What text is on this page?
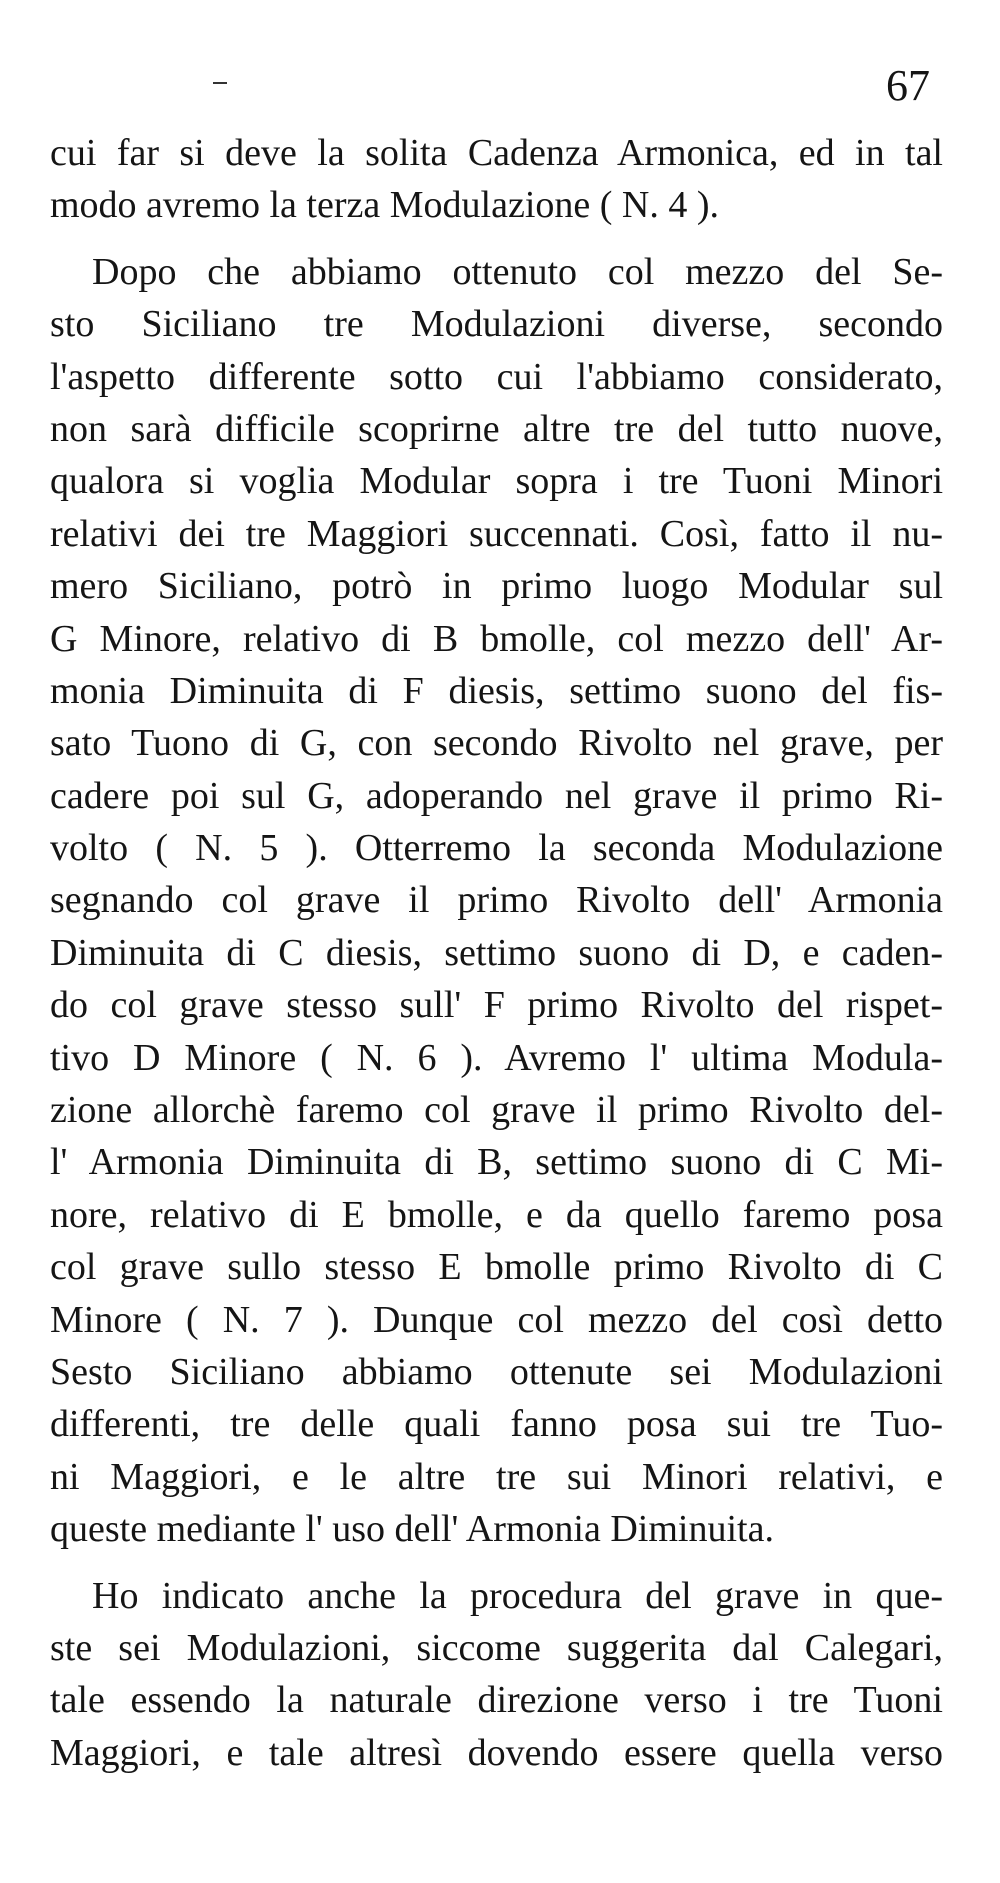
67
cui far si deve la solita Cadenza Armonica, ed in tal
modo avremo la terza Modulazione ( N. 4 ).
Dopo che abbiamo ottenuto col mezzo del Se-
sto Siciliano tre Modulazioni diverse, secondo
l'aspetto differente sotto cui l'abbiamo considerato,
non sarà difficile scoprirne altre tre del tutto nuove,
qualora si voglia Modular sopra i tre Tuoni Minori
relativi dei tre Maggiori succennati. Così, fatto il nu-
mero Siciliano, potrò in primo luogo Modular sul
G Minore, relativo di B bmolle, col mezzo dell' Ar-
monia Diminuita di F diesis, settimo suono del fis-
sato Tuono di G, con secondo Rivolto nel grave, per
cadere poi sul G, adoperando nel grave il primo Ri-
volto ( N. 5 ). Otterremo la seconda Modulazione
segnando col grave il primo Rivolto dell' Armonia
Diminuita di C diesis, settimo suono di D, e caden-
do col grave stesso sull' F primo Rivolto del rispet-
tivo D Minore ( N. 6 ). Avremo l' ultima Modula-
zione allorchè faremo col grave il primo Rivolto del-
l' Armonia Diminuita di B, settimo suono di C Mi-
nore, relativo di E bmolle, e da quello faremo posa
col grave sullo stesso E bmolle primo Rivolto di C
Minore ( N. 7 ). Dunque col mezzo del così detto
Sesto Siciliano abbiamo ottenute sei Modulazioni
differenti, tre delle quali fanno posa sui tre Tuo-
ni Maggiori, e le altre tre sui Minori relativi, e
queste mediante l' uso dell' Armonia Diminuita.
Ho indicato anche la procedura del grave in que-
ste sei Modulazioni, siccome suggerita dal Calegari,
tale essendo la naturale direzione verso i tre Tuoni
Maggiori, e tale altresì dovendo essere quella verso
